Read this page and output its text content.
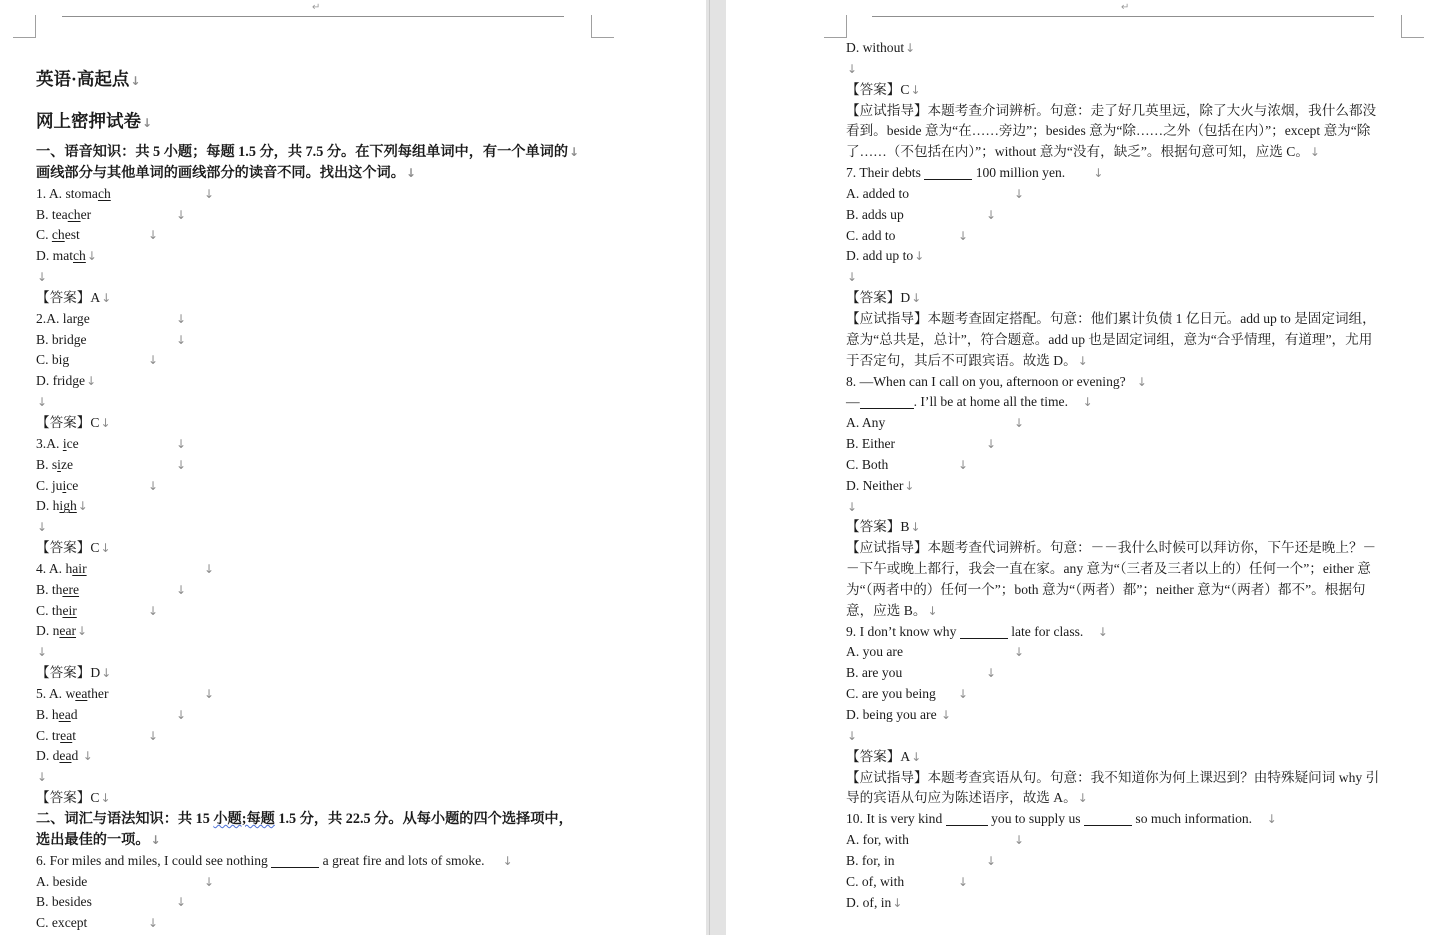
↵
英语·高起点↓
网上密押试卷↓
一、语音知识：共 5 小题；每题 1.5 分，共 7.5 分。在下列每组单词中，有一个单词的↓
画线部分与其他单词的画线部分的读音不同。找出这个词。↓
1. A. stomach	↓
B. teacher	↓
C. chest	↓
D. match↓
↓
【答案】A↓
2.A. large	↓
B. bridge	↓
C. big	↓
D. fridge↓
↓
【答案】C↓
3.A. ice	↓
B. size	↓
C. juice	↓
D. high↓
↓
【答案】C↓
4. A. hair	↓
B. there	↓
C. their	↓
D. near↓
↓
【答案】D↓
5. A. weather	↓
B. head	↓
C. treat	↓
D. dead ↓
↓
【答案】C↓
二、词汇与语法知识：共 15 小题;每题 1.5 分，共 22.5 分。从每小题的四个选择项中，
选出最佳的一项。↓
6. For miles and miles, I could see nothing	a great fire and lots of smoke. ↓
A. beside	↓
B. besides	↓
C. except	↓
↵
D. without↓
↓
【答案】C↓
【应试指导】本题考查介词辨析。句意：走了好几英里远，除了大火与浓烟，我什么都没看到。beside 意为“在……旁边”；besides 意为“除……之外（包括在内）”；except 意为“除了……（不包括在内）”；without 意为“没有，缺乏”。根据句意可知，应选 C。↓
7. Their debts	100 million yen. ↓
A. added to	↓
B. adds up	↓
C. add to	↓
D. add up to↓
↓
【答案】D↓
【应试指导】本题考查固定搭配。句意：他们累计负债 1 亿日元。add up to 是固定词组，意为“总共是，总计”，符合题意。add up 也是固定词组，意为“合乎情理，有道理”，尤用于否定句，其后不可跟宾语。故选 D。↓
8. —When can I call on you, afternoon or evening? ↓
—	. I’ll be at home all the time. ↓
A. Any	↓
B. Either	↓
C. Both	↓
D. Neither↓
↓
【答案】B↓
【应试指导】本题考查代词辨析。句意：－－我什么时候可以拜访你，下午还是晚上？－－下午或晚上都行，我会一直在家。any 意为“（三者及三者以上的）任何一个”；either 意为“（两者中的）任何一个”；both 意为“（两者）都”；neither 意为“（两者）都不”。根据句意，应选 B。↓
9. I don’t know why	late for class. ↓
A. you are	↓
B. are you	↓
C. are you being ↓
D. being you are ↓
↓
【答案】A↓
【应试指导】本题考查宾语从句。句意：我不知道你为何上课迟到？由特殊疑问词 why 引导的宾语从句应为陈述语序，故选 A。↓
10. It is very kind	you to supply us	so much information. ↓
A. for, with	↓
B. for, in	↓
C. of, with	↓
D. of, in↓
